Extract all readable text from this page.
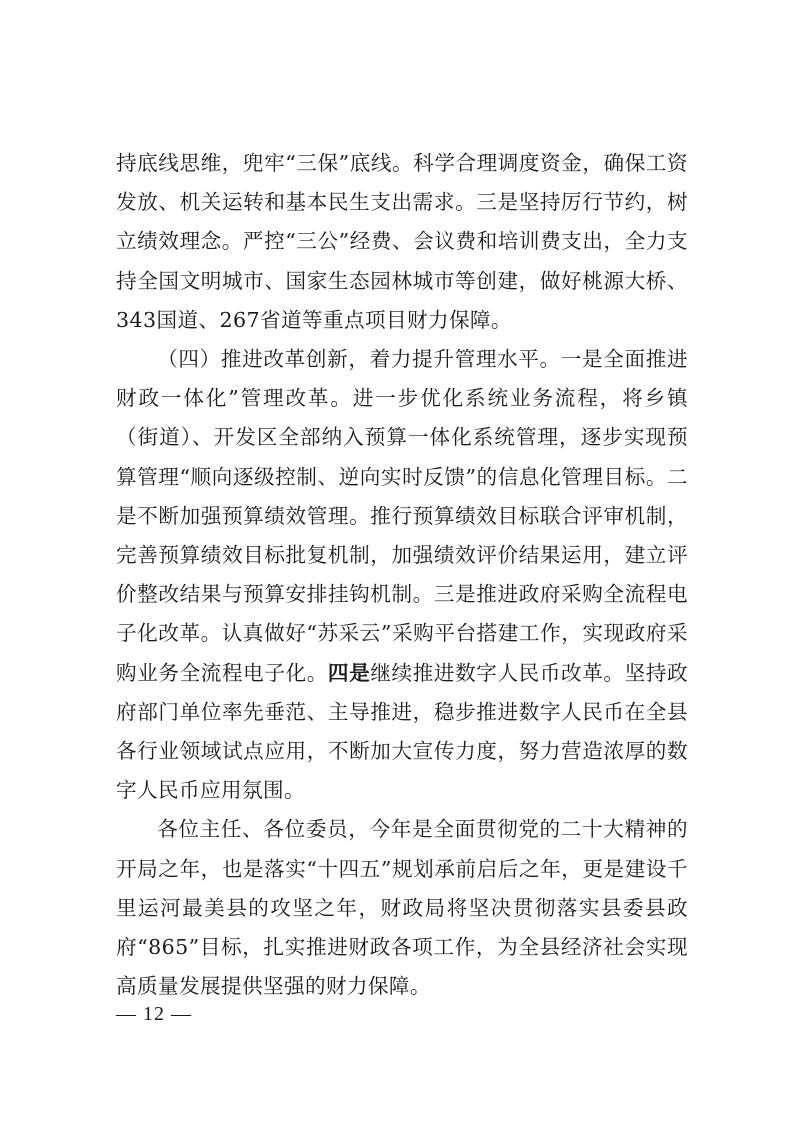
持底线思维，兜牢“三保”底线。科学合理调度资金，确保工资发放、机关运转和基本民生支出需求。三是坚持厉行节约，树立绩效理念。严控“三公”经费、会议费和培训费支出，全力支持全国文明城市、国家生态园林城市等创建，做好桃源大桥、343国道、267省道等重点项目财力保障。

（四）推进改革创新，着力提升管理水平。一是全面推进财政一体化”管理改革。进一步优化系统业务流程，将乡镇（街道）、开发区全部纳入预算一体化系统管理，逐步实现预算管理“顺向逐级控制、逆向实时反馈”的信息化管理目标。二是不断加强预算绩效管理。推行预算绩效目标联合评审机制，完善预算绩效目标批复机制，加强绩效评价结果运用，建立评价整改结果与预算安排挂钩机制。三是推进政府采购全流程电子化改革。认真做好“苏采云”采购平台搭建工作，实现政府采购业务全流程电子化。四是继续推进数字人民币改革。坚持政府部门单位率先垂范、主导推进，稳步推进数字人民币在全县各行业领域试点应用，不断加大宣传力度，努力营造浓厚的数字人民币应用氛围。

各位主任、各位委员，今年是全面贯彻党的二十大精神的开局之年，也是落实“十四五”规划承前启后之年，更是建设千里运河最美县的攻坚之年，财政局将坚决贯彻落实县委县政府“865”目标，扎实推进财政各项工作，为全县经济社会实现高质量发展提供坚强的财力保障。

— 12 —
